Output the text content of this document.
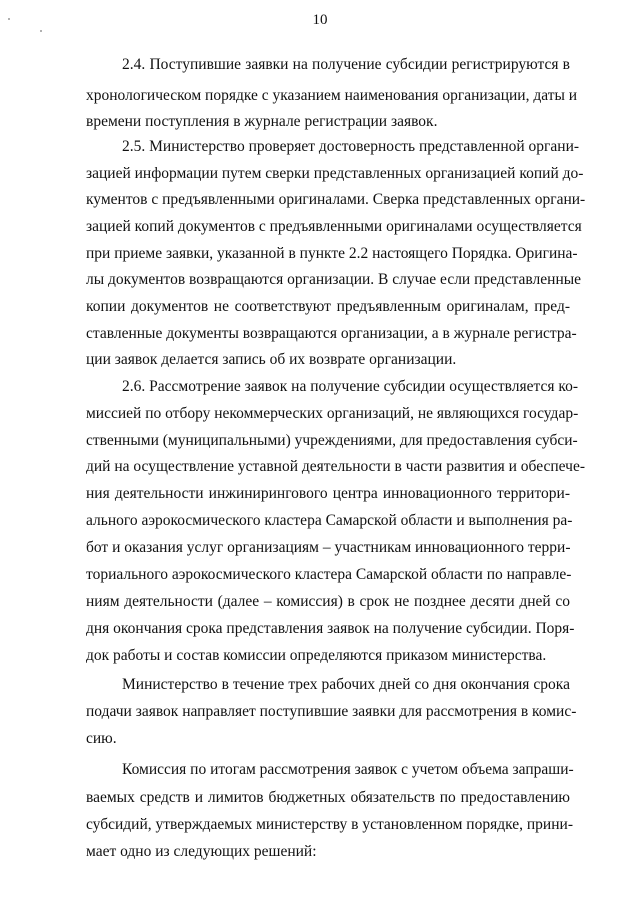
10
2.4. Поступившие заявки на получение субсидии регистрируются в
хронологическом порядке с указанием наименования организации, даты и
времени поступления в журнале регистрации заявок.
2.5. Министерство проверяет достоверность представленной органи-
зацией информации путем сверки представленных организацией копий до-
кументов с предъявленными оригиналами. Сверка представленных органи-
зацией копий документов с предъявленными оригиналами осуществляется
при приеме заявки, указанной в пункте 2.2 настоящего Порядка. Оригина-
лы документов возвращаются организации. В случае если представленные
копии документов не соответствуют предъявленным оригиналам, пред-
ставленные документы возвращаются организации, а в журнале регистра-
ции заявок делается запись об их возврате организации.
2.6. Рассмотрение заявок на получение субсидии осуществляется ко-
миссией по отбору некоммерческих организаций, не являющихся государ-
ственными (муниципальными) учреждениями, для предоставления субси-
дий на осуществление уставной деятельности в части развития и обеспече-
ния деятельности инжинирингового центра инновационного территори-
ального аэрокосмического кластера Самарской области и выполнения ра-
бот и оказания услуг организациям – участникам инновационного терри-
ториального аэрокосмического кластера Самарской области по направле-
ниям деятельности (далее – комиссия) в срок не позднее десяти дней со
дня окончания срока представления заявок на получение субсидии. Поря-
док работы и состав комиссии определяются приказом министерства.
Министерство в течение трех рабочих дней со дня окончания срока
подачи заявок направляет поступившие заявки для рассмотрения в комис-
сию.
Комиссия по итогам рассмотрения заявок с учетом объема запраши-
ваемых средств и лимитов бюджетных обязательств по предоставлению
субсидий, утверждаемых министерству в установленном порядке, прини-
мает одно из следующих решений:
